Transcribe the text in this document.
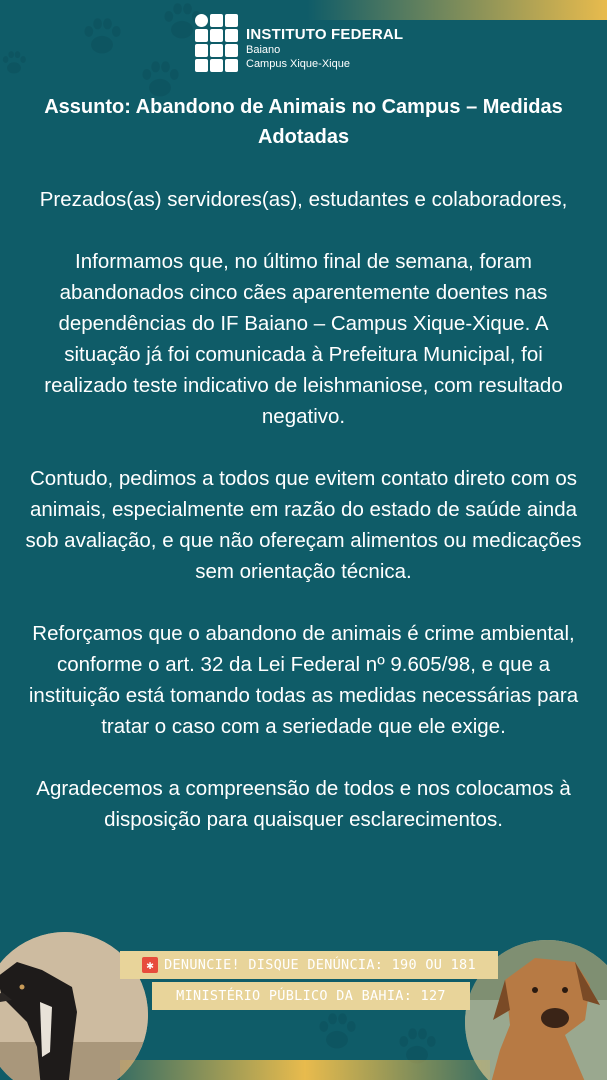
INSTITUTO FEDERAL
Baiano
Campus Xique-Xique
Assunto: Abandono de Animais no Campus – Medidas Adotadas

Prezados(as) servidores(as), estudantes e colaboradores,

Informamos que, no último final de semana, foram abandonados cinco cães aparentemente doentes nas dependências do IF Baiano – Campus Xique-Xique. A situação já foi comunicada à Prefeitura Municipal, foi realizado teste indicativo de leishmaniose, com resultado negativo.

Contudo, pedimos a todos que evitem contato direto com os animais, especialmente em razão do estado de saúde ainda sob avaliação, e que não ofereçam alimentos ou medicações sem orientação técnica.

Reforçamos que o abandono de animais é crime ambiental, conforme o art. 32 da Lei Federal nº 9.605/98, e que a instituição está tomando todas as medidas necessárias para tratar o caso com a seriedade que ele exige.

Agradecemos a compreensão de todos e nos colocamos à disposição para quaisquer esclarecimentos.

✱ DENUNCIE! DISQUE DENÚNCIA: 190 OU 181
MINISTÉRIO PÚBLICO DA BAHIA: 127
